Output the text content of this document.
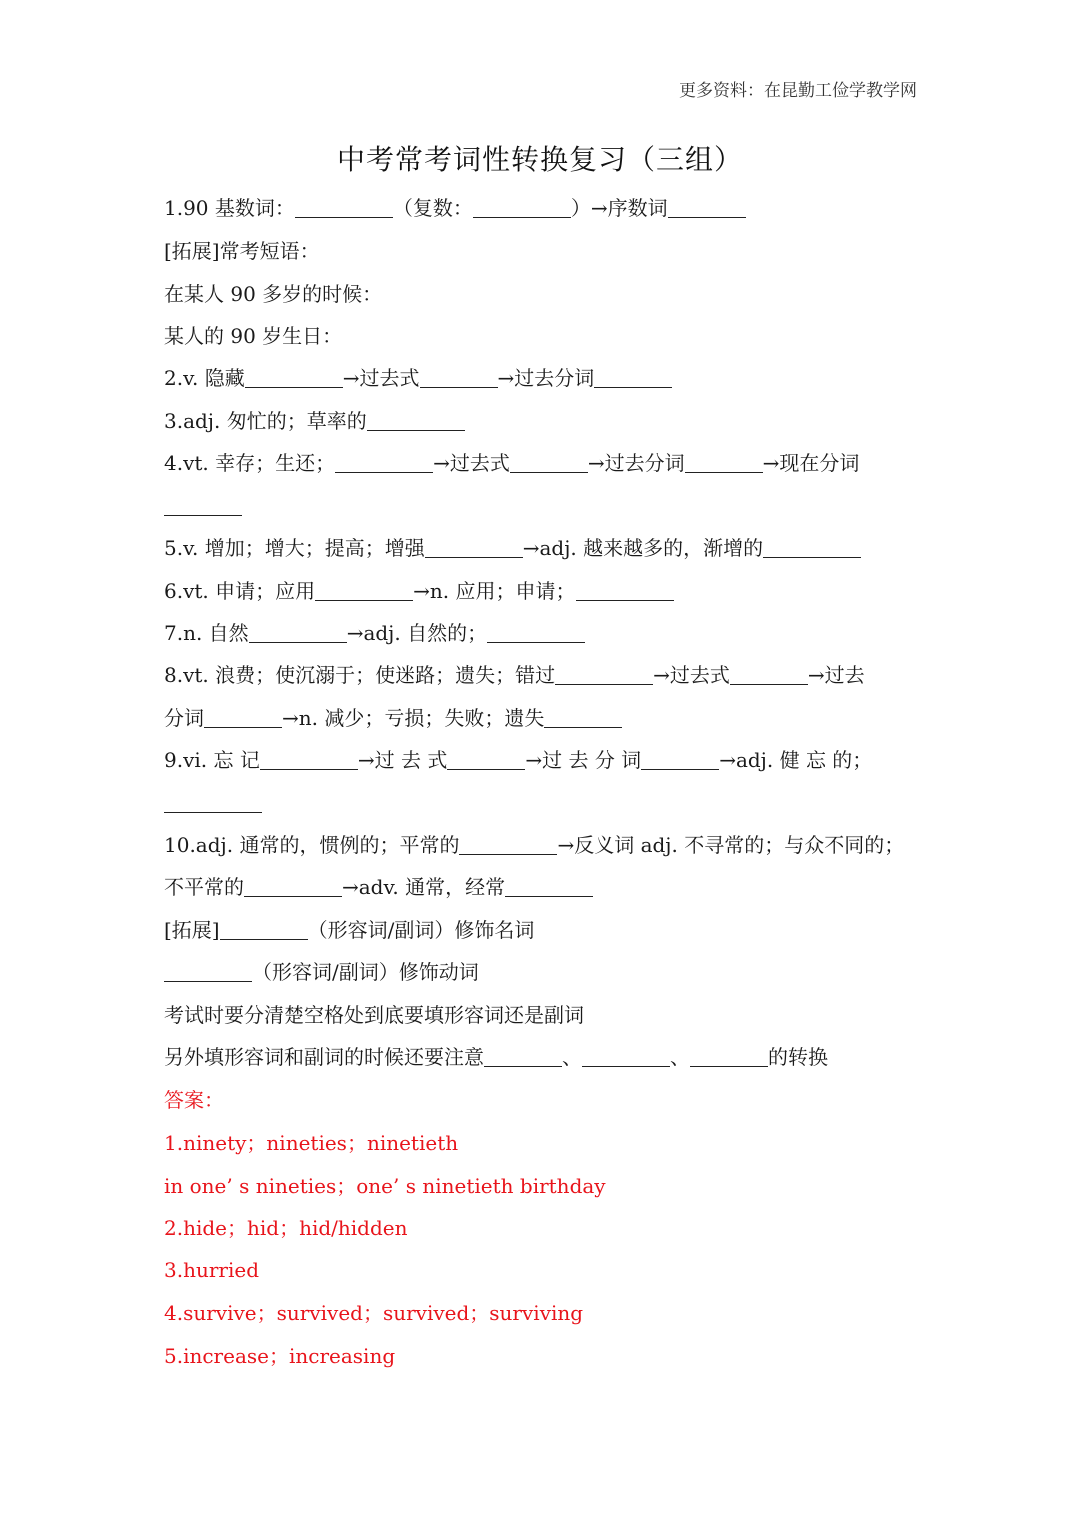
更多资料：在昆勤工俭学教学网
中考常考词性转换复习（三组）
1.90 基数词：	（复数：	）→序数词
[拓展]常考短语：
在某人 90 多岁的时候：
某人的 90 岁生日：
2.v. 隐藏	→过去式	→过去分词
3.adj. 匆忙的；草率的
4.vt. 幸存；生还；	→过去式	→过去分词	→现在分词
5.v. 增加；增大；提高；增强	→adj. 越来越多的，渐增的
6.vt. 申请；应用	→n. 应用；申请；
7.n. 自然	→adj. 自然的；
8.vt. 浪费；使沉溺于；使迷路；遗失；错过	→过去式	→过去
分词	→n. 减少；亏损；失败；遗失
9.vi. 忘 记	→过 去 式	→过 去 分 词	→adj. 健 忘 的；
10.adj. 通常的，惯例的；平常的	→反义词 adj. 不寻常的；与众不同的；
不平常的	→adv. 通常，经常
[拓展]	（形容词/副词）修饰名词
（形容词/副词）修饰动词
考试时要分清楚空格处到底要填形容词还是副词
另外填形容词和副词的时候还要注意	、	、	的转换
答案：
1.ninety；nineties；ninetieth
in one’ s nineties；one’ s ninetieth birthday
2.hide；hid；hid/hidden
3.hurried
4.survive；survived；survived；surviving
5.increase；increasing
